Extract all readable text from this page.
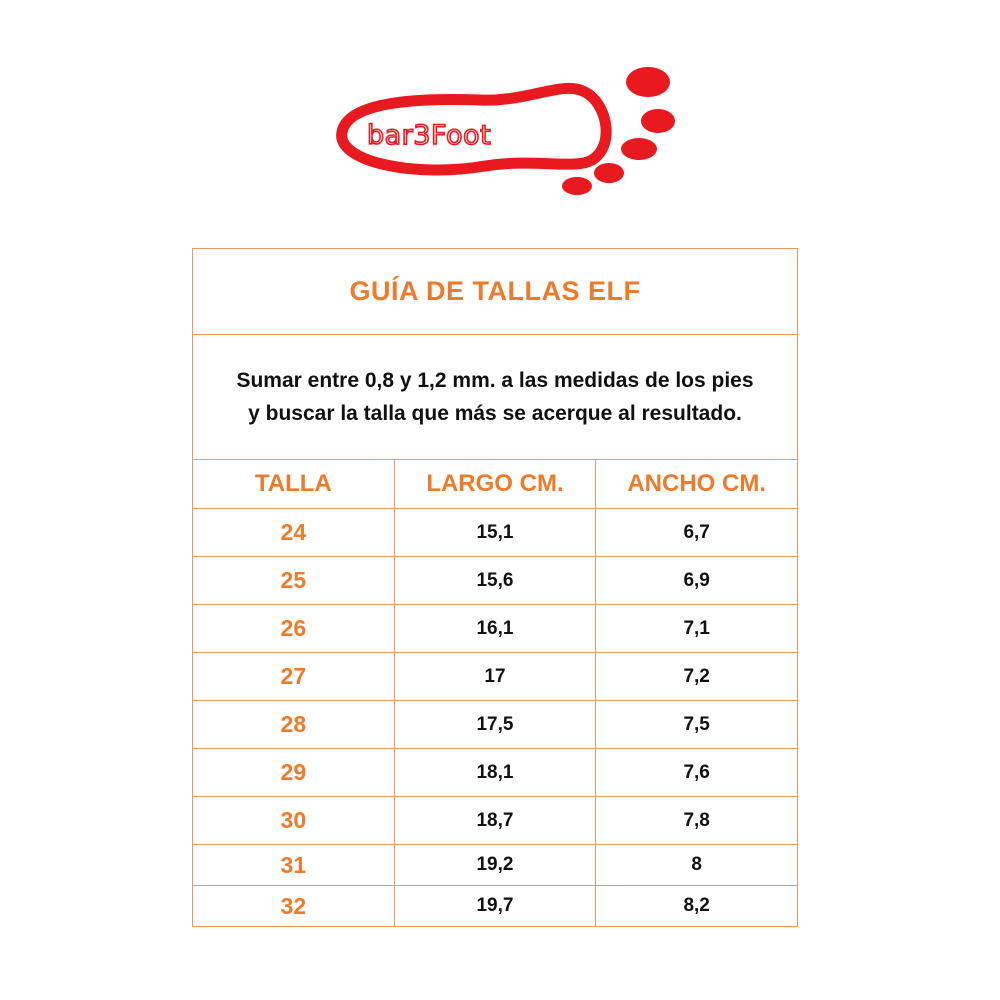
bar3Foot
GUÍA DE TALLAS ELF		

Sumar entre 0,8 y 1,2 mm. a las medidas de los pies
y buscar la talla que más se acerque al resultado.		

TALLA	LARGO CM.	ANCHO CM.
24	15,1	6,7
25	15,6	6,9
26	16,1	7,1
27	17	7,2
28	17,5	7,5
29	18,1	7,6
30	18,7	7,8
31	19,2	8
32	19,7	8,2
